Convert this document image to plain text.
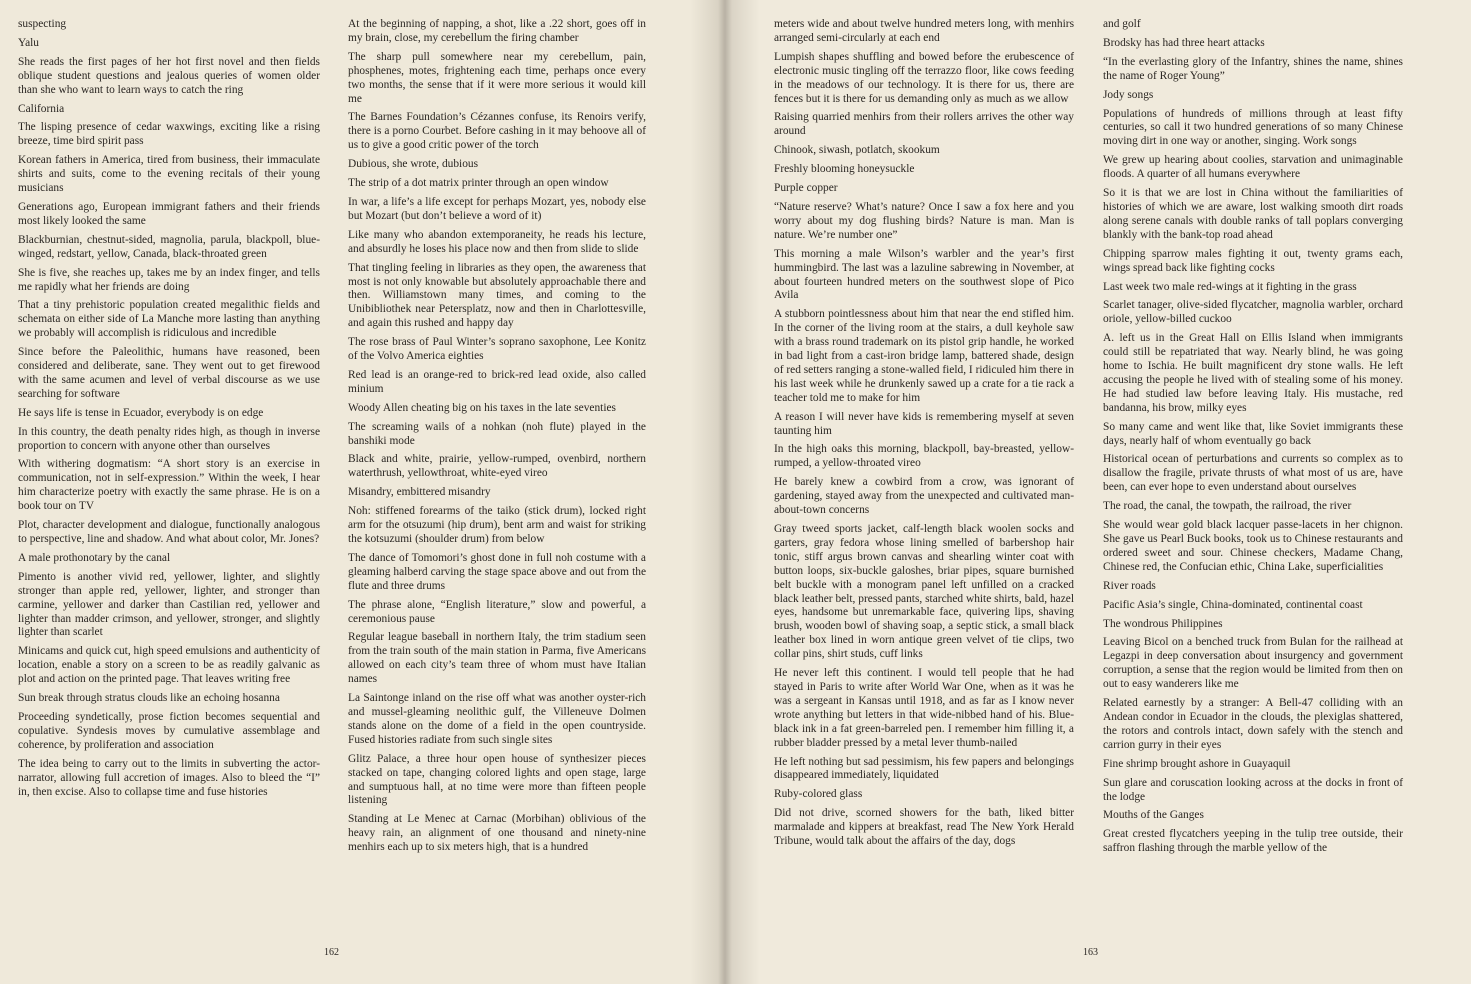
suspecting

Yalu

She reads the first pages of her hot first novel and then fields oblique student questions and jealous queries of women older than she who want to learn ways to catch the ring

California

The lisping presence of cedar waxwings, exciting like a rising breeze, time bird spirit pass

Korean fathers in America, tired from business, their immaculate shirts and suits, come to the evening recitals of their young musicians

Generations ago, European immigrant fathers and their friends most likely looked the same

Blackburnian, chestnut-sided, magnolia, parula, blackpoll, blue-winged, redstart, yellow, Canada, black-throated green

She is five, she reaches up, takes me by an index finger, and tells me rapidly what her friends are doing

That a tiny prehistoric population created megalithic fields and schemata on either side of La Manche more lasting than anything we probably will accomplish is ridiculous and incredible

Since before the Paleolithic, humans have reasoned, been considered and deliberate, sane. They went out to get firewood with the same acumen and level of verbal discourse as we use searching for software

He says life is tense in Ecuador, everybody is on edge

In this country, the death penalty rides high, as though in inverse proportion to concern with anyone other than ourselves

With withering dogmatism: “A short story is an exercise in communication, not in self-expression.” Within the week, I hear him characterize poetry with exactly the same phrase. He is on a book tour on TV

Plot, character development and dialogue, functionally analogous to perspective, line and shadow. And what about color, Mr. Jones?

A male prothonotary by the canal

Pimento is another vivid red, yellower, lighter, and slightly stronger than apple red, yellower, lighter, and stronger than carmine, yellower and darker than Castilian red, yellower and lighter than madder crimson, and yellower, stronger, and slightly lighter than scarlet

Minicams and quick cut, high speed emulsions and authenticity of location, enable a story on a screen to be as readily galvanic as plot and action on the printed page. That leaves writing free

Sun break through stratus clouds like an echoing hosanna

Proceeding syndetically, prose fiction becomes sequential and copulative. Syndesis moves by cumulative assemblage and coherence, by proliferation and association

The idea being to carry out to the limits in subverting the actor-narrator, allowing full accretion of images. Also to bleed the “I” in, then excise. Also to collapse time and fuse histories

At the beginning of napping, a shot, like a .22 short, goes off in my brain, close, my cerebellum the firing chamber

The sharp pull somewhere near my cerebellum, pain, phosphenes, motes, frightening each time, perhaps once every two months, the sense that if it were more serious it would kill me

The Barnes Foundation’s Cézannes confuse, its Renoirs verify, there is a porno Courbet. Before cashing in it may behoove all of us to give a good critic power of the torch

Dubious, she wrote, dubious

The strip of a dot matrix printer through an open window

In war, a life’s a life except for perhaps Mozart, yes, nobody else but Mozart (but don’t believe a word of it)

Like many who abandon extemporaneity, he reads his lecture, and absurdly he loses his place now and then from slide to slide

That tingling feeling in libraries as they open, the awareness that most is not only knowable but absolutely approachable there and then. Williamstown many times, and coming to the Unibibliothek near Petersplatz, now and then in Charlottesville, and again this rushed and happy day

The rose brass of Paul Winter’s soprano saxophone, Lee Konitz of the Volvo America eighties

Red lead is an orange-red to brick-red lead oxide, also called minium

Woody Allen cheating big on his taxes in the late seventies

The screaming wails of a nohkan (noh flute) played in the banshiki mode

Black and white, prairie, yellow-rumped, ovenbird, northern waterthrush, yellowthroat, white-eyed vireo

Misandry, embittered misandry

Noh: stiffened forearms of the taiko (stick drum), locked right arm for the otsuzumi (hip drum), bent arm and waist for striking the kotsuzumi (shoulder drum) from below

The dance of Tomomori’s ghost done in full noh costume with a gleaming halberd carving the stage space above and out from the flute and three drums

The phrase alone, “English literature,” slow and powerful, a ceremonious pause

Regular league baseball in northern Italy, the trim stadium seen from the train south of the main station in Parma, five Americans allowed on each city’s team three of whom must have Italian names

La Saintonge inland on the rise off what was another oyster-rich and mussel-gleaming neolithic gulf, the Villeneuve Dolmen stands alone on the dome of a field in the open countryside. Fused histories radiate from such single sites

Glitz Palace, a three hour open house of synthesizer pieces stacked on tape, changing colored lights and open stage, large and sumptuous hall, at no time were more than fifteen people listening

Standing at Le Menec at Carnac (Morbihan) oblivious of the heavy rain, an alignment of one thousand and ninety-nine menhirs each up to six meters high, that is a hundred

162

meters wide and about twelve hundred meters long, with menhirs arranged semi-circularly at each end

Lumpish shapes shuffling and bowed before the erubescence of electronic music tingling off the terrazzo floor, like cows feeding in the meadows of our technology. It is there for us, there are fences but it is there for us demanding only as much as we allow

Raising quarried menhirs from their rollers arrives the other way around

Chinook, siwash, potlatch, skookum

Freshly blooming honeysuckle

Purple copper

“Nature reserve? What’s nature? Once I saw a fox here and you worry about my dog flushing birds? Nature is man. Man is nature. We’re number one”

This morning a male Wilson’s warbler and the year’s first hummingbird. The last was a lazuline sabrewing in November, at about fourteen hundred meters on the southwest slope of Pico Avila

A stubborn pointlessness about him that near the end stifled him. In the corner of the living room at the stairs, a dull keyhole saw with a brass round trademark on its pistol grip handle, he worked in bad light from a cast-iron bridge lamp, battered shade, design of red setters ranging a stone-walled field, I ridiculed him there in his last week while he drunkenly sawed up a crate for a tie rack a teacher told me to make for him

A reason I will never have kids is remembering myself at seven taunting him

In the high oaks this morning, blackpoll, bay-breasted, yellow-rumped, a yellow-throated vireo

He barely knew a cowbird from a crow, was ignorant of gardening, stayed away from the unexpected and cultivated man-about-town concerns

Gray tweed sports jacket, calf-length black woolen socks and garters, gray fedora whose lining smelled of barbershop hair tonic, stiff argus brown canvas and shearling winter coat with button loops, six-buckle galoshes, briar pipes, square burnished belt buckle with a monogram panel left unfilled on a cracked black leather belt, pressed pants, starched white shirts, bald, hazel eyes, handsome but unremarkable face, quivering lips, shaving brush, wooden bowl of shaving soap, a septic stick, a small black leather box lined in worn antique green velvet of tie clips, two collar pins, shirt studs, cuff links

He never left this continent. I would tell people that he had stayed in Paris to write after World War One, when as it was he was a sergeant in Kansas until 1918, and as far as I know never wrote anything but letters in that wide-nibbed hand of his. Blue-black ink in a fat green-barreled pen. I remember him filling it, a rubber bladder pressed by a metal lever thumb-nailed

He left nothing but sad pessimism, his few papers and belongings disappeared immediately, liquidated

Ruby-colored glass

Did not drive, scorned showers for the bath, liked bitter marmalade and kippers at breakfast, read The New York Herald Tribune, would talk about the affairs of the day, dogs

and golf

Brodsky has had three heart attacks

“In the everlasting glory of the Infantry, shines the name, shines the name of Roger Young”

Jody songs

Populations of hundreds of millions through at least fifty centuries, so call it two hundred generations of so many Chinese moving dirt in one way or another, singing. Work songs

We grew up hearing about coolies, starvation and unimaginable floods. A quarter of all humans everywhere

So it is that we are lost in China without the familiarities of histories of which we are aware, lost walking smooth dirt roads along serene canals with double ranks of tall poplars converging blankly with the bank-top road ahead

Chipping sparrow males fighting it out, twenty grams each, wings spread back like fighting cocks

Last week two male red-wings at it fighting in the grass

Scarlet tanager, olive-sided flycatcher, magnolia warbler, orchard oriole, yellow-billed cuckoo

A. left us in the Great Hall on Ellis Island when immigrants could still be repatriated that way. Nearly blind, he was going home to Ischia. He built magnificent dry stone walls. He left accusing the people he lived with of stealing some of his money. He had studied law before leaving Italy. His mustache, red bandanna, his brow, milky eyes

So many came and went like that, like Soviet immigrants these days, nearly half of whom eventually go back

Historical ocean of perturbations and currents so complex as to disallow the fragile, private thrusts of what most of us are, have been, can ever hope to even understand about ourselves

The road, the canal, the towpath, the railroad, the river

She would wear gold black lacquer passe-lacets in her chignon. She gave us Pearl Buck books, took us to Chinese restaurants and ordered sweet and sour. Chinese checkers, Madame Chang, Chinese red, the Confucian ethic, China Lake, superficialities

River roads

Pacific Asia’s single, China-dominated, continental coast

The wondrous Philippines

Leaving Bicol on a benched truck from Bulan for the railhead at Legazpi in deep conversation about insurgency and government corruption, a sense that the region would be limited from then on out to easy wanderers like me

Related earnestly by a stranger: A Bell-47 colliding with an Andean condor in Ecuador in the clouds, the plexiglas shattered, the rotors and controls intact, down safely with the stench and carrion gurry in their eyes

Fine shrimp brought ashore in Guayaquil

Sun glare and coruscation looking across at the docks in front of the lodge

Mouths of the Ganges

Great crested flycatchers yeeping in the tulip tree outside, their saffron flashing through the marble yellow of the

163
